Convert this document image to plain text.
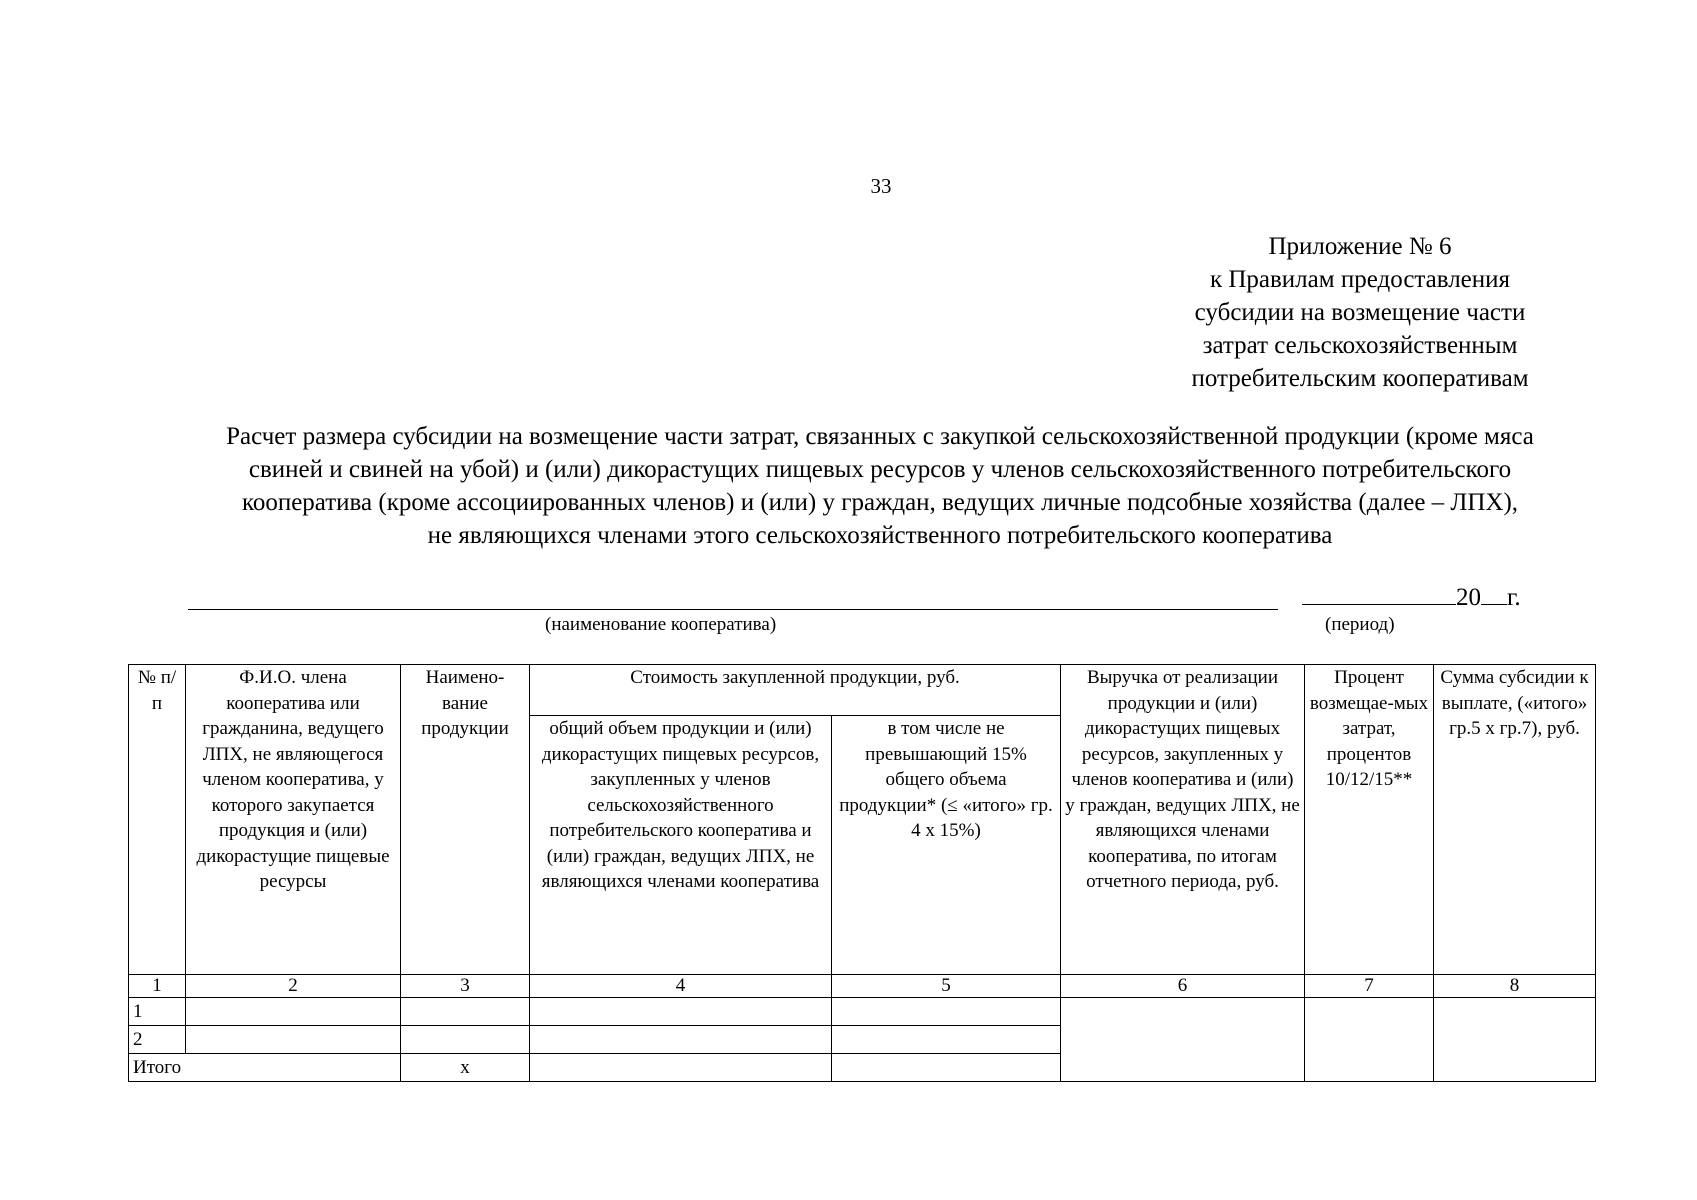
33
Приложение № 6
к Правилам предоставления
субсидии на возмещение части
затрат сельскохозяйственным
потребительским кооперативам
Расчет размера субсидии на возмещение части затрат, связанных с закупкой сельскохозяйственной продукции (кроме мяса
свиней и свиней на убой) и (или) дикорастущих пищевых ресурсов у членов сельскохозяйственного потребительского
кооператива (кроме ассоциированных членов) и (или) у граждан, ведущих личные подсобные хозяйства (далее – ЛПХ),
не являющихся членами этого сельскохозяйственного потребительского кооператива
(наименование кооператива)
20 г.
(период)
№ п/п	Ф.И.О. члена кооператива или гражданина, ведущего ЛПХ, не являющегося членом кооператива, у которого закупается продукция и (или) дикорастущие пищевые ресурсы	Наимено-вание продукции	Стоимость закупленной продукции, руб.		Выручка от реализации продукции и (или) дикорастущих пищевых ресурсов, закупленных у членов кооператива и (или) у граждан, ведущих ЛПХ, не являющихся членами кооператива, по итогам отчетного периода, руб.	Процент возмещае-мых затрат, процентов 10/12/15**	Сумма субсидии к выплате, («итого» гр.5 х гр.7), руб.
			общий объем продукции и (или) дикорастущих пищевых ресурсов, закупленных у членов сельскохозяйственного потребительского кооператива и (или) граждан, ведущих ЛПХ, не являющихся членами кооператива	в том числе не превышающий 15% общего объема продукции* (≤ «итого» гр. 4 х 15%)			
1	2	3	4	5	6	7	8
1							
2							
Итого		х					
